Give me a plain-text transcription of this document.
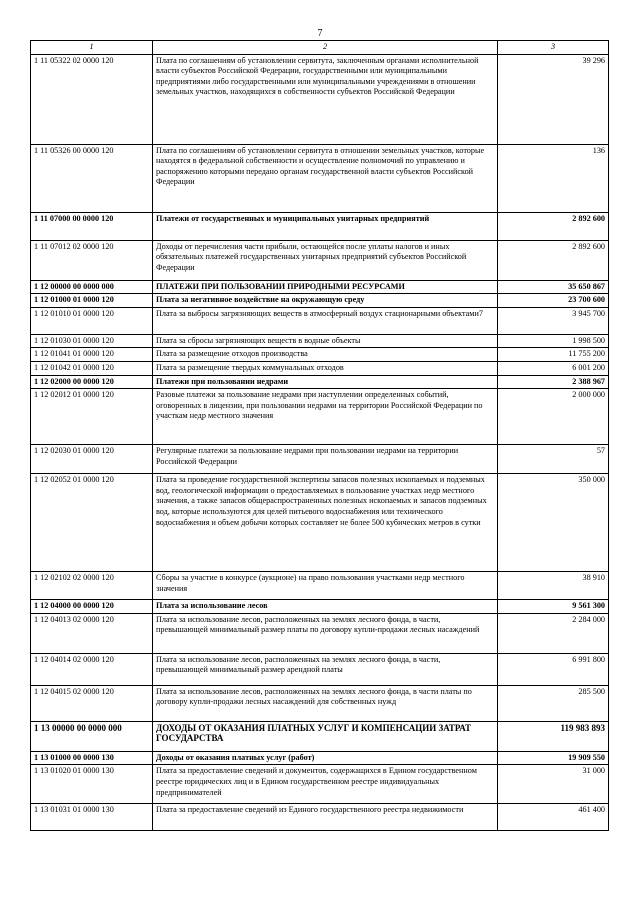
7
1	2	3
1 11 05322 02 0000 120	Плата по соглашениям об установлении сервитута, заключенным органами исполнительной власти субъектов Российской Федерации, государственными или муниципальными предприятиями либо государственными или муниципальными учреждениями в отношении земельных участков, находящихся в собственности субъектов Российской Федерации	39 296
1 11 05326 00 0000 120	Плата по соглашениям об установлении сервитута в отношении земельных участков, которые находятся в федеральной собственности и осуществление полномочий по управлению и распоряжению которыми передано органам государственной власти субъектов Российской Федерации	136
1 11 07000 00 0000 120	Платежи от государственных и муниципальных унитарных предприятий	2 892 600
1 11 07012 02 0000 120	Доходы от перечисления части прибыли, остающейся после уплаты налогов и иных обязательных платежей государственных унитарных предприятий субъектов Российской Федерации	2 892 600
1 12 00000 00 0000 000	ПЛАТЕЖИ ПРИ ПОЛЬЗОВАНИИ ПРИРОДНЫМИ РЕСУРСАМИ	35 650 867
1 12 01000 01 0000 120	Плата за негативное воздействие на окружающую среду	23 700 600
1 12 01010 01 0000 120	Плата за выбросы загрязняющих веществ в атмосферный воздух стационарными объектами7	3 945 700
1 12 01030 01 0000 120	Плата за сбросы загрязняющих веществ в водные объекты	1 998 500
1 12 01041 01 0000 120	Плата за размещение отходов производства	11 755 200
1 12 01042 01 0000 120	Плата за размещение твердых коммунальных отходов	6 001 200
1 12 02000 00 0000 120	Платежи при пользовании недрами	2 388 967
1 12 02012 01 0000 120	Разовые платежи за пользование недрами при наступлении определенных событий, оговоренных в лицензии, при пользовании недрами на территории Российской Федерации по участкам недр местного значения	2 000 000
1 12 02030 01 0000 120	Регулярные платежи за пользование недрами при пользовании недрами на территории Российской Федерации	57
1 12 02052 01 0000 120	Плата за проведение государственной экспертизы запасов полезных ископаемых и подземных вод, геологической информации о предоставляемых в пользование участках недр местного значения, а также запасов общераспространенных полезных ископаемых и запасов подземных вод, которые используются для целей питьевого водоснабжения или технического водоснабжения и объем добычи которых составляет не более 500 кубических метров в сутки	350 000
1 12 02102 02 0000 120	Сборы за участие в конкурсе (аукционе) на право пользования участками недр местного значения	38 910
1 12 04000 00 0000 120	Плата за использование лесов	9 561 300
1 12 04013 02 0000 120	Плата за использование лесов, расположенных на землях лесного фонда, в части, превышающей минимальный размер платы по договору купли-продажи лесных насаждений	2 284 000
1 12 04014 02 0000 120	Плата за использование лесов, расположенных на землях лесного фонда, в части, превышающей минимальный размер арендной платы	6 991 800
1 12 04015 02 0000 120	Плата за использование лесов, расположенных на землях лесного фонда, в части платы по договору купли-продажи лесных насаждений для собственных нужд	285 500
1 13 00000 00 0000 000	ДОХОДЫ ОТ ОКАЗАНИЯ ПЛАТНЫХ УСЛУГ И КОМПЕНСАЦИИ ЗАТРАТ ГОСУДАРСТВА	119 983 893
1 13 01000 00 0000 130	Доходы от оказания платных услуг (работ)	19 909 550
1 13 01020 01 0000 130	Плата за предоставление сведений и документов, содержащихся в Едином государственном реестре юридических лиц и в Едином государственном реестре индивидуальных предпринимателей	31 000
1 13 01031 01 0000 130	Плата за предоставление сведений из Единого государственного реестра недвижимости	461 400
